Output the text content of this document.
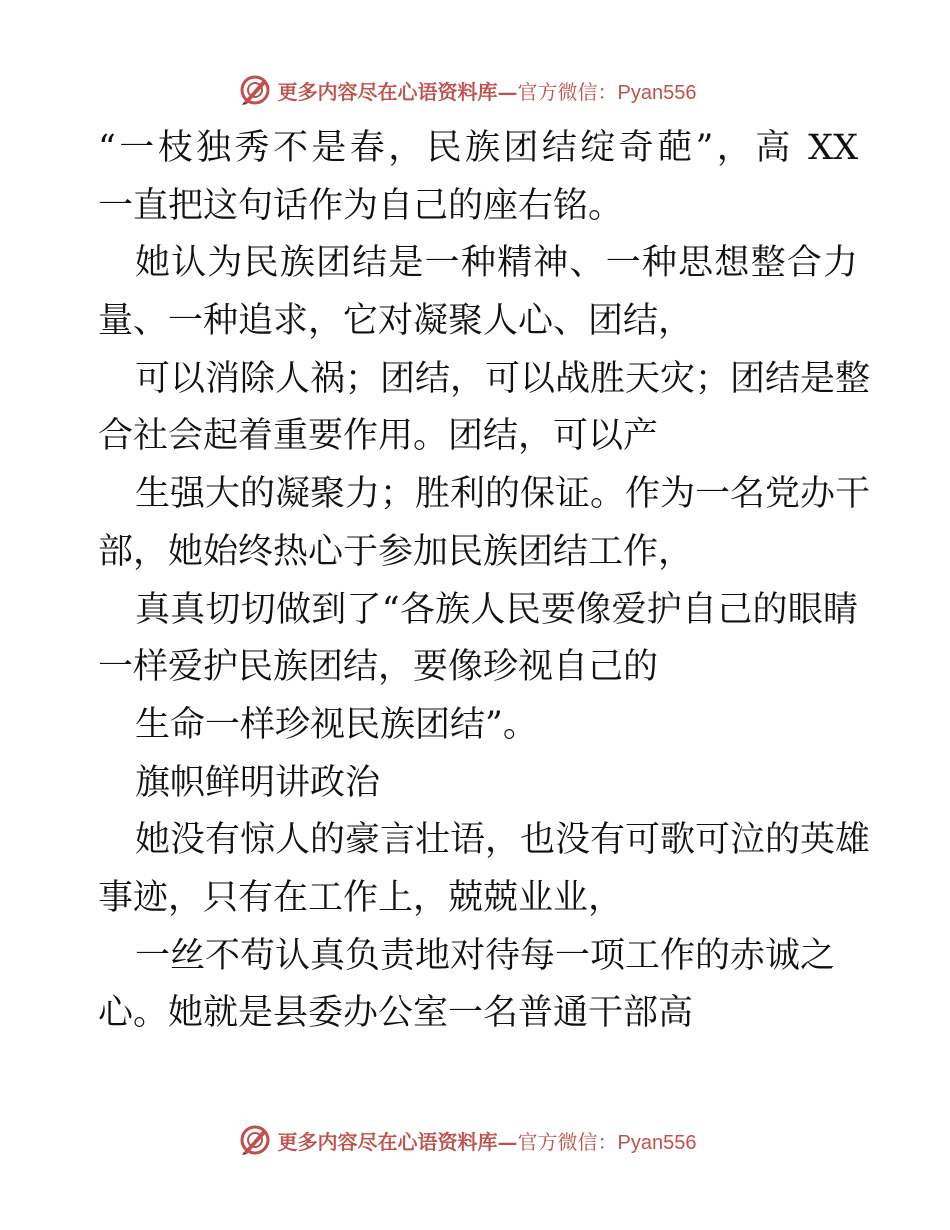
更多内容尽在心语资料库—官方微信：Pyan556
“一枝独秀不是春，民族团结绽奇葩”，高 XX
一直把这句话作为自己的座右铭。
她认为民族团结是一种精神、一种思想整合力
量、一种追求，它对凝聚人心、团结，
可以消除人祸；团结，可以战胜天灾；团结是整
合社会起着重要作用。团结，可以产
生强大的凝聚力；胜利的保证。作为一名党办干
部，她始终热心于参加民族团结工作，
真真切切做到了“各族人民要像爱护自己的眼睛
一样爱护民族团结，要像珍视自己的
生命一样珍视民族团结”。
旗帜鲜明讲政治
她没有惊人的豪言壮语，也没有可歌可泣的英雄
事迹，只有在工作上，兢兢业业，
一丝不苟认真负责地对待每一项工作的赤诚之
心。她就是县委办公室一名普通干部高
更多内容尽在心语资料库—官方微信：Pyan556
